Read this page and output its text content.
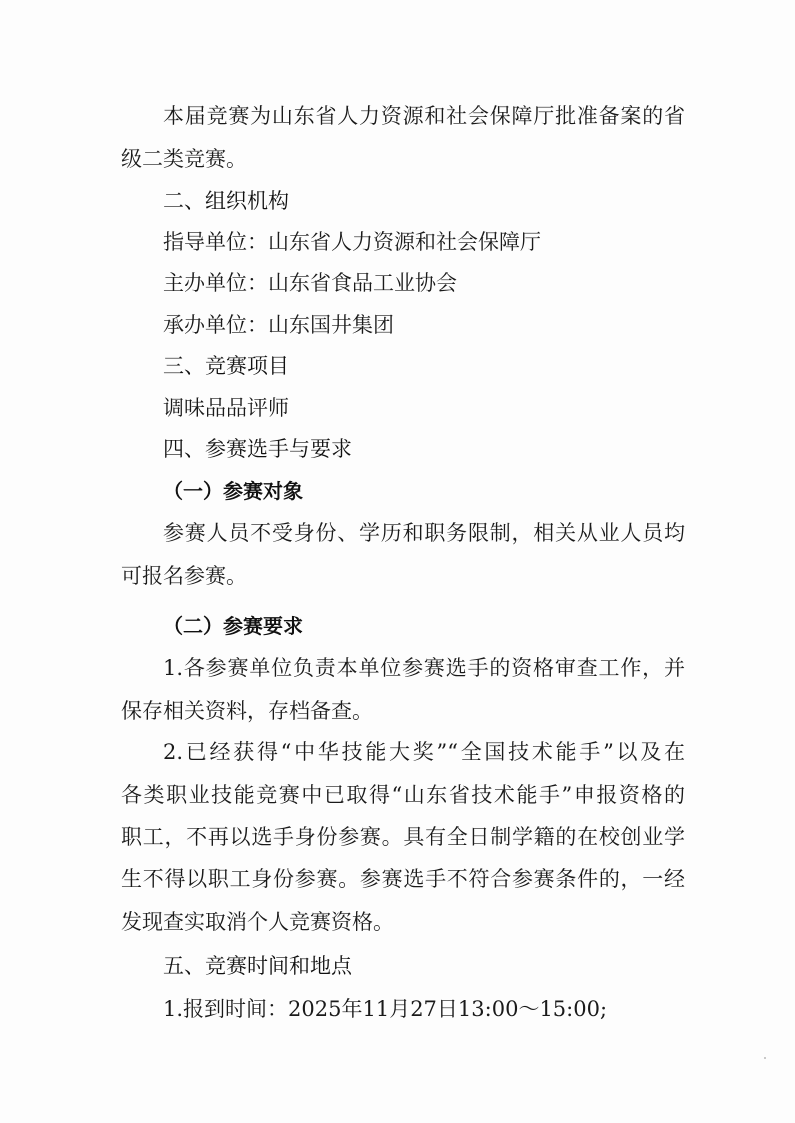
本届竞赛为山东省人力资源和社会保障厅批准备案的省
级二类竞赛。
二、组织机构
指导单位：山东省人力资源和社会保障厅
主办单位：山东省食品工业协会
承办单位：山东国井集团
三、竞赛项目
调味品品评师
四、参赛选手与要求
（一）参赛对象
参赛人员不受身份、学历和职务限制，相关从业人员均
可报名参赛。
（二）参赛要求
1.各参赛单位负责本单位参赛选手的资格审查工作，并
保存相关资料，存档备查。
2.已经获得“中华技能大奖”“全国技术能手”以及在
各类职业技能竞赛中已取得“山东省技术能手”申报资格的
职工，不再以选手身份参赛。具有全日制学籍的在校创业学
生不得以职工身份参赛。参赛选手不符合参赛条件的，一经
发现查实取消个人竞赛资格。
五、竞赛时间和地点
1.报到时间：2025年11月27日13:00～15:00;
